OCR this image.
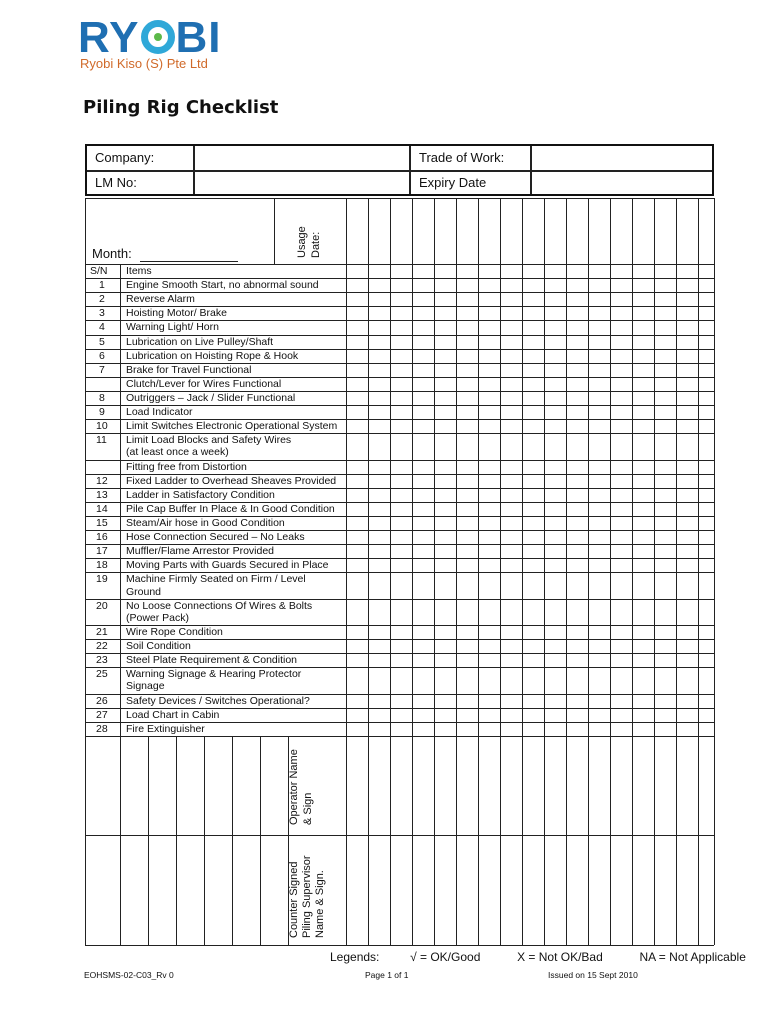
RY BI
Ryobi Kiso (S) Pte Ltd
Piling Rig Checklist
Company:	Trade of Work:
LM No:	Expiry Date
Month:	Usage Date:
S/N Items
1 Engine Smooth Start, no abnormal sound
2 Reverse Alarm
3 Hoisting Motor/ Brake
4 Warning Light/ Horn
5 Lubrication on Live Pulley/Shaft
6 Lubrication on Hoisting Rope & Hook
7 Brake for Travel Functional
Clutch/Lever for Wires Functional
8 Outriggers – Jack / Slider Functional
9 Load Indicator
10 Limit Switches Electronic Operational System
11 Limit Load Blocks and Safety Wires
(at least once a week)
Fitting free from Distortion
12 Fixed Ladder to Overhead Sheaves Provided
13 Ladder in Satisfactory Condition
14 Pile Cap Buffer In Place & In Good Condition
15 Steam/Air hose in Good Condition
16 Hose Connection Secured – No Leaks
17 Muffler/Flame Arrestor Provided
18 Moving Parts with Guards Secured in Place
19 Machine Firmly Seated on Firm / Level
Ground
20 No Loose Connections Of Wires & Bolts
(Power Pack)
21 Wire Rope Condition
22 Soil Condition
23 Steel Plate Requirement & Condition
25 Warning Signage & Hearing Protector
Signage
26 Safety Devices / Switches Operational?
27 Load Chart in Cabin
28 Fire Extinguisher
Operator Name & Sign
Counter Signed Piling Supervisor Name & Sign.
Legends:	√ = OK/Good	X = Not OK/Bad	NA = Not Applicable
EOHSMS-02-C03_Rv 0	Page 1 of 1	Issued on 15 Sept 2010
